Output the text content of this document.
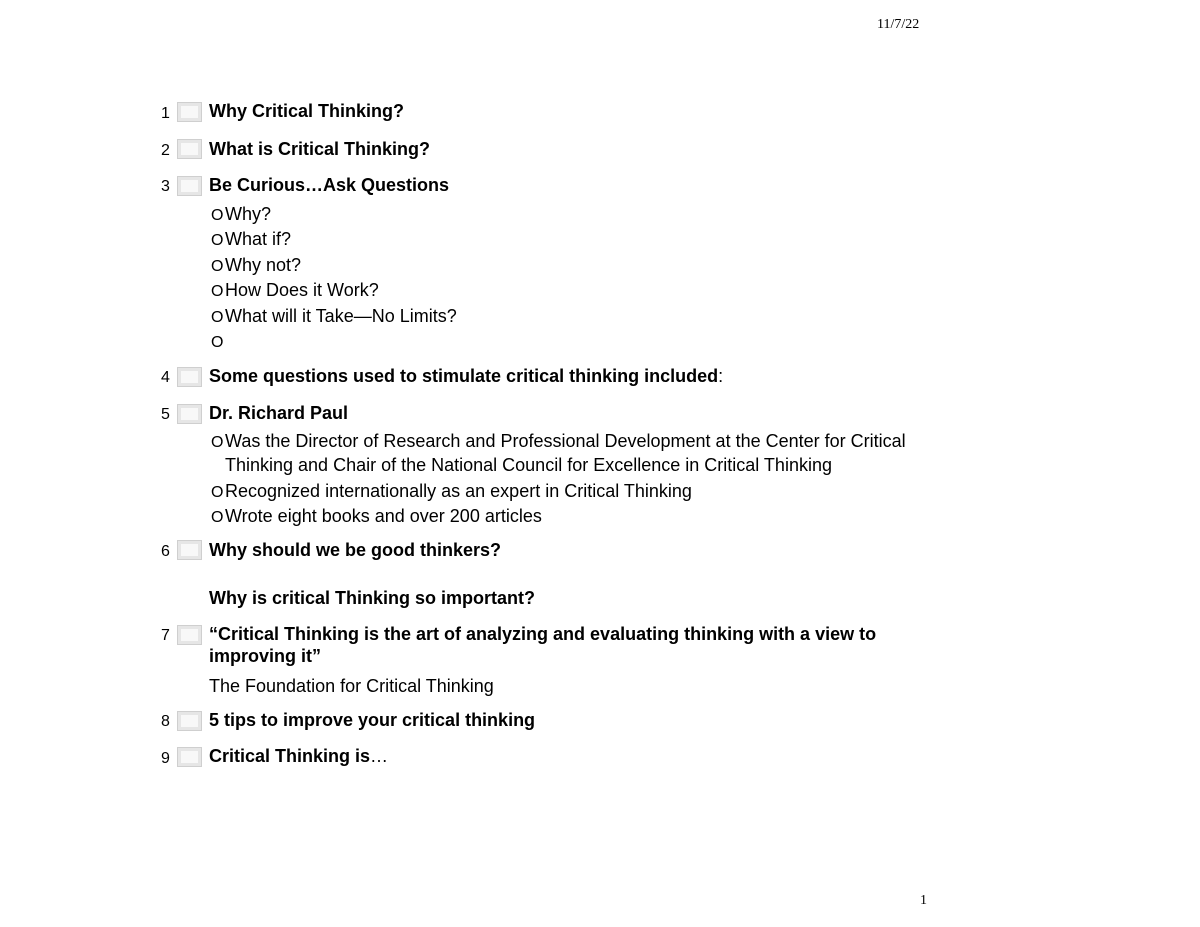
11/7/22
1 Why Critical Thinking?
2 What is Critical Thinking?
3 Be Curious…Ask Questions
OWhy?
OWhat if?
OWhy not?
OHow Does it Work?
OWhat will it Take—No Limits?
O
4 Some questions used to stimulate critical thinking included:
5 Dr. Richard Paul
OWas the Director of Research and Professional Development at the Center for Critical
Thinking and Chair of the National Council for Excellence in Critical Thinking
ORecognized internationally as an expert in Critical Thinking
OWrote eight books and over 200 articles
6 Why should we be good thinkers?
Why is critical Thinking so important?
7 “Critical Thinking is the art of analyzing and evaluating thinking with a view to
improving it”
The Foundation for Critical Thinking
8 5 tips to improve your critical thinking
9 Critical Thinking is…
1
